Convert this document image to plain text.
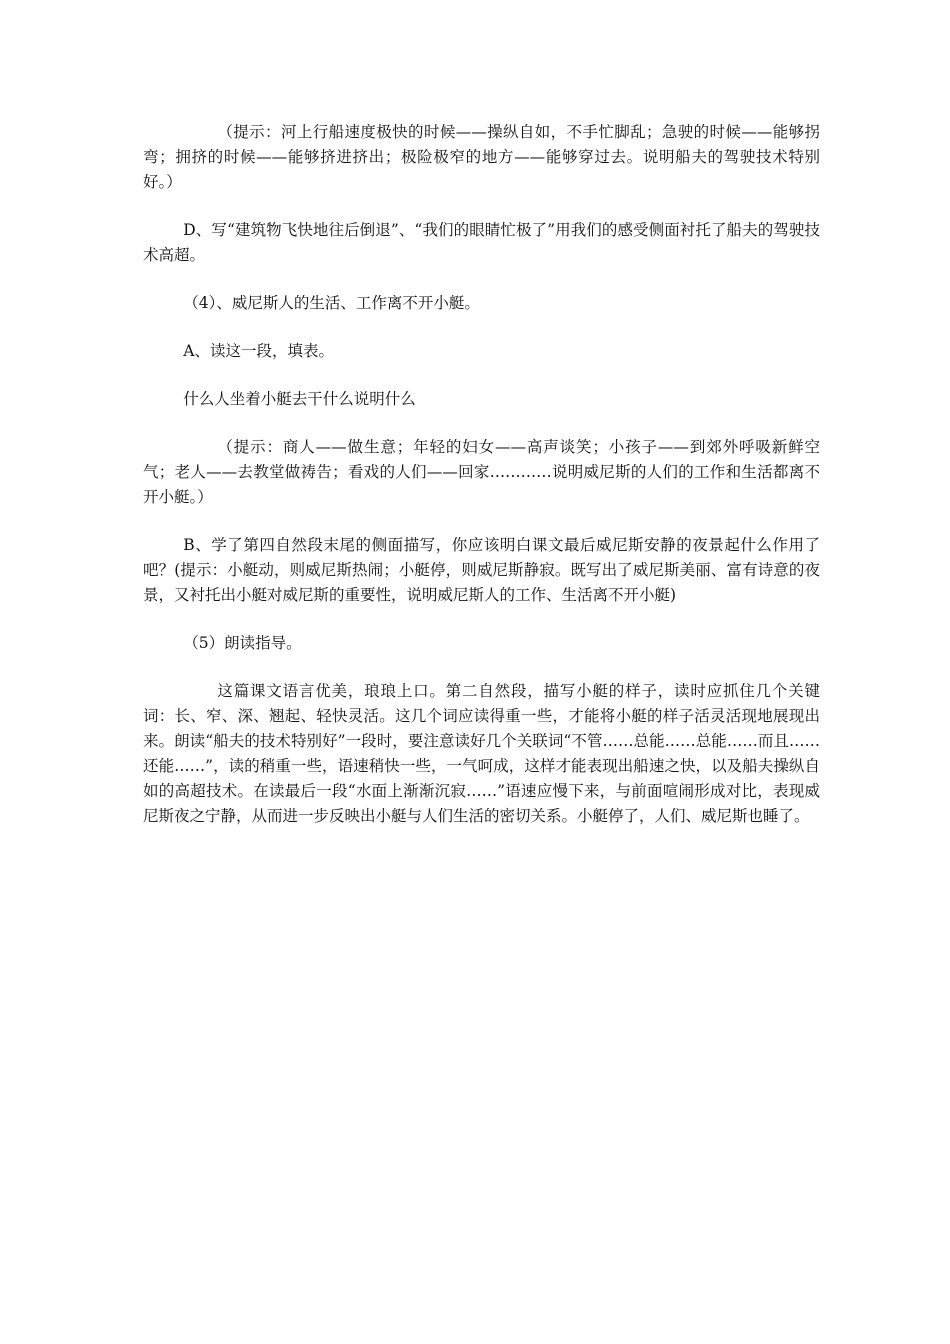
（提示：河上行船速度极快的时候——操纵自如，不手忙脚乱；急驶的时候——能够拐弯；拥挤的时候——能够挤进挤出；极险极窄的地方——能够穿过去。说明船夫的驾驶技术特别好。）

D、写“建筑物飞快地往后倒退”、“我们的眼睛忙极了”用我们的感受侧面衬托了船夫的驾驶技术高超。

（4）、威尼斯人的生活、工作离不开小艇。

A、读这一段，填表。

什么人坐着小艇去干什么说明什么

（提示：商人——做生意；年轻的妇女——高声谈笑；小孩子——到郊外呼吸新鲜空气；老人——去教堂做祷告；看戏的人们——回家…………说明威尼斯的人们的工作和生活都离不开小艇。）

B、学了第四自然段末尾的侧面描写，你应该明白课文最后威尼斯安静的夜景起什么作用了吧？(提示：小艇动，则威尼斯热闹；小艇停，则威尼斯静寂。既写出了威尼斯美丽、富有诗意的夜景，又衬托出小艇对威尼斯的重要性，说明威尼斯人的工作、生活离不开小艇)

（5）朗读指导。

这篇课文语言优美，琅琅上口。第二自然段，描写小艇的样子，读时应抓住几个关键词：长、窄、深、翘起、轻快灵活。这几个词应读得重一些，才能将小艇的样子活灵活现地展现出来。朗读“船夫的技术特别好”一段时，要注意读好几个关联词“不管……总能……总能……而且……还能……”，读的稍重一些，语速稍快一些，一气呵成，这样才能表现出船速之快，以及船夫操纵自如的高超技术。在读最后一段“水面上渐渐沉寂……”语速应慢下来，与前面喧闹形成对比，表现威尼斯夜之宁静，从而进一步反映出小艇与人们生活的密切关系。小艇停了，人们、威尼斯也睡了。
